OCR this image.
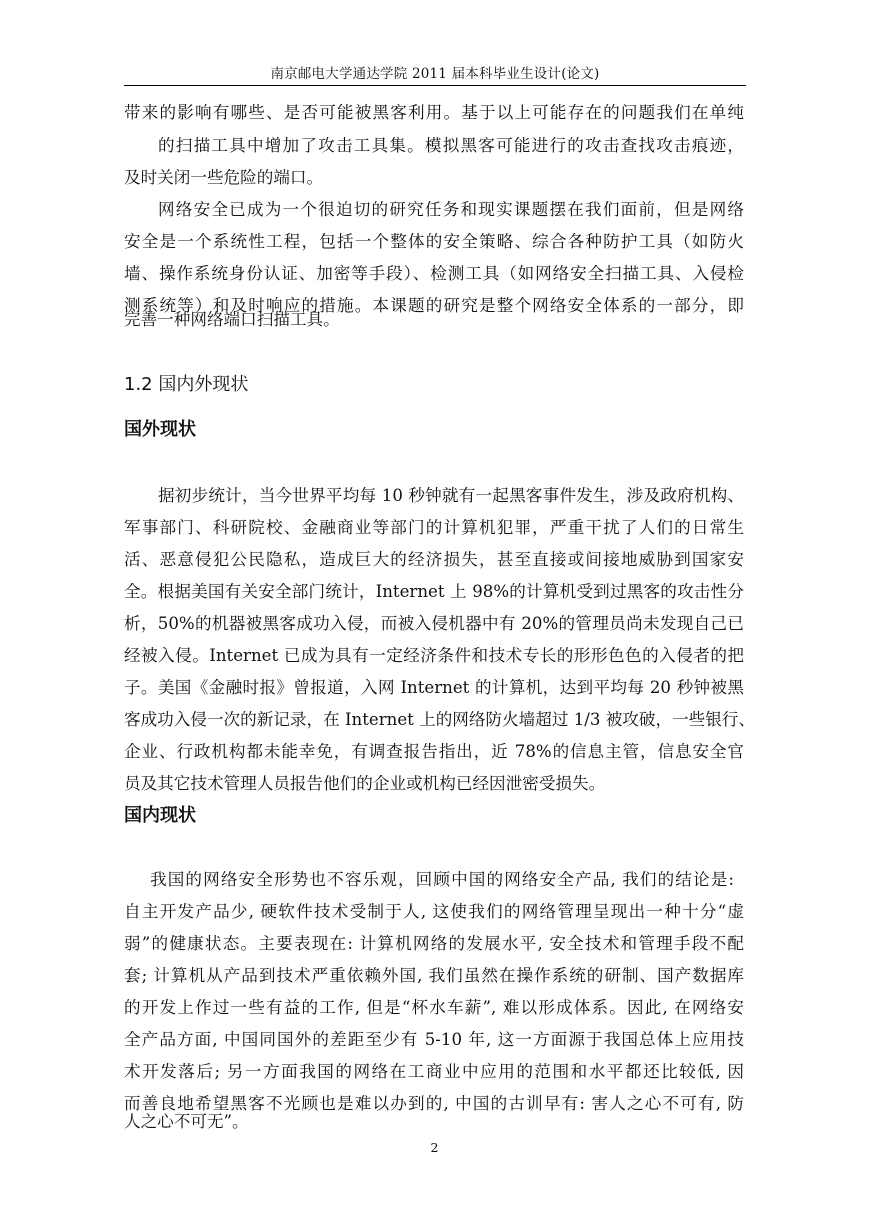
南京邮电大学通达学院 2011 届本科毕业生设计(论文)
带来的影响有哪些、是否可能被黑客利用。基于以上可能存在的问题我们在单纯
的扫描工具中增加了攻击工具集。模拟黑客可能进行的攻击查找攻击痕迹，
及时关闭一些危险的端口。
网络安全已成为一个很迫切的研究任务和现实课题摆在我们面前，但是网络
安全是一个系统性工程，包括一个整体的安全策略、综合各种防护工具（如防火
墙、操作系统身份认证、加密等手段）、检测工具（如网络安全扫描工具、入侵检
测系统等）和及时响应的措施。本课题的研究是整个网络安全体系的一部分，即
完善一种网络端口扫描工具。
1.2 国内外现状
国外现状
据初步统计，当今世界平均每 10 秒钟就有一起黑客事件发生，涉及政府机构、
军事部门、科研院校、金融商业等部门的计算机犯罪，严重干扰了人们的日常生
活、恶意侵犯公民隐私，造成巨大的经济损失，甚至直接或间接地威胁到国家安
全。根据美国有关安全部门统计，Internet 上 98%的计算机受到过黑客的攻击性分
析，50%的机器被黑客成功入侵，而被入侵机器中有 20%的管理员尚未发现自己已
经被入侵。Internet 已成为具有一定经济条件和技术专长的形形色色的入侵者的把
子。美国《金融时报》曾报道，入网 Internet 的计算机，达到平均每 20 秒钟被黑
客成功入侵一次的新记录，在 Internet 上的网络防火墙超过 1/3 被攻破，一些银行、
企业、行政机构都未能幸免，有调查报告指出，近 78%的信息主管，信息安全官
员及其它技术管理人员报告他们的企业或机构已经因泄密受损失。
国内现状
我国的网络安全形势也不容乐观，回顾中国的网络安全产品, 我们的结论是:
自主开发产品少, 硬软件技术受制于人, 这使我们的网络管理呈现出一种十分“虚
弱”的健康状态。主要表现在: 计算机网络的发展水平, 安全技术和管理手段不配
套; 计算机从产品到技术严重依赖外国, 我们虽然在操作系统的研制、国产数据库
的开发上作过一些有益的工作, 但是“杯水车薪”, 难以形成体系。因此, 在网络安
全产品方面, 中国同国外的差距至少有 5-10 年, 这一方面源于我国总体上应用技
术开发落后; 另一方面我国的网络在工商业中应用的范围和水平都还比较低, 因
而善良地希望黑客不光顾也是难以办到的, 中国的古训早有: 害人之心不可有, 防
人之心不可无”。
2
